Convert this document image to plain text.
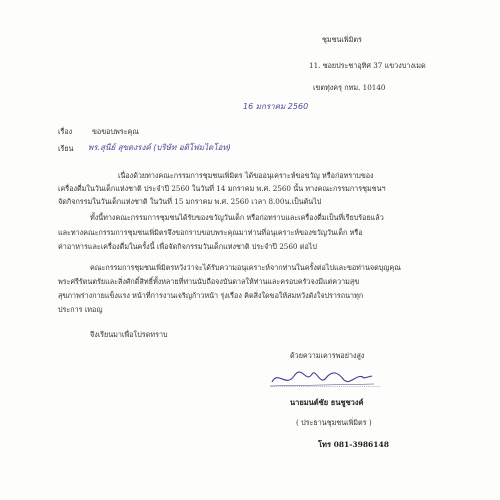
ชุมชนเพิ่มิตร
11. ซอยประชาอุทิศ 37 แขวงบางเมด
เขตทุ่งครุ กทม. 10140
16 มกราคม 2560
เรื่อง	ขอขอบพระคุณ
เรียน พร.สุนีย์ สุขดงรงค์ (บริษัท อติโฟมไดโอท)
เนื่องด้วยทางคณะกรรมการชุมชนเพิ่มิตร ได้ขออนุเคราะห์ขอขวัญ หรือก่อทราบของ
เครื่องดื่มในวันเด็กแห่งชาติ ประจำปี 2560 ในวันที่ 14 มกราคม พ.ศ. 2560 นั้น ทางคณะกรรมการชุมชนฯ
จัดกิจกรรมในวันเด็กแห่งชาติ ในวันที่ 15 มกราคม พ.ศ. 2560 เวลา 8.00น.เป็นต้นไป
ทั้งนี้ทางคณะกรรมการชุมชนได้รับของขวัญวันเด็ก หรือก่อทราบและเครื่องดื่มเป็นที่เรียบร้อยแล้ว
และทางคณะกรรมการชุมชนเพิ่มิตรจึงขอกราบขอบพระคุณมาท่านที่อนุเคราะห์ของขวัญวันเด็ก หรือ
ค่าอาหารและเครื่องดื่มในครั้งนี้ เพื่อจัดกิจกรรมวันเด็กแห่งชาติ ประจำปี 2560 ต่อไป
คณะกรรมการชุมชนเพิ่มิตรหวังว่าจะได้รับความอนุเคราะห์จากท่านในครั้งต่อไปและขอท่านจดบุญคุณ
พระศรีรัตนตรัยและสิ่งศักดิ์สิทธิ์ทั้งหลายที่ท่านนับถือจงบันดาลให้ท่านและครอบครัวจงมีแต่ความสุข
สุขภาพร่างกายแข็งแรง หน้าที่การงานเจริญก้าวหน้า รุ่งเรือง คิดสิ่งใดขอให้สมหวังดังใจปรารถนาทุก
ประการ เทอญ
จึงเรียนมาเพื่อโปรดทราบ
ด้วยความเคารพอย่างสูง
..........................................................
นายมนต์ชัย ธนชูชวงค์
( ประธานชุมชนเพิ่มิตร )
โทร 081-3986148
